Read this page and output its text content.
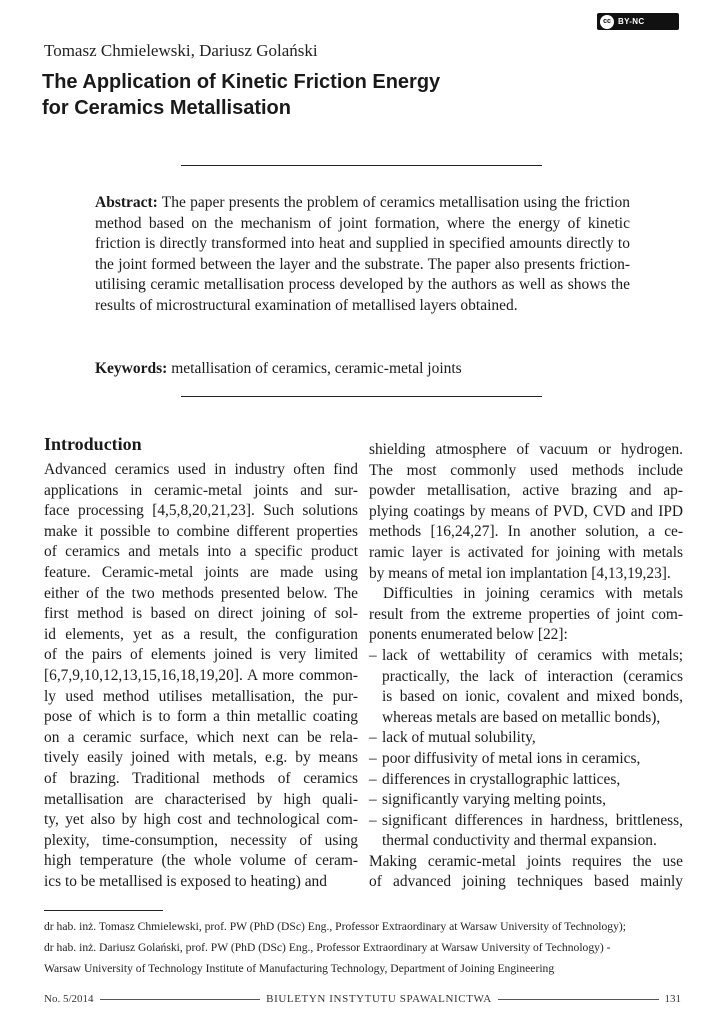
cc BY-NC
Tomasz Chmielewski, Dariusz Golański
The Application of Kinetic Friction Energy
for Ceramics Metallisation

Abstract: The paper presents the problem of ceramics metallisation using the friction method based on the mechanism of joint formation, where the energy of kinetic friction is directly transformed into heat and supplied in specified amounts directly to the joint formed between the layer and the substrate. The paper also presents friction-utilising ceramic metallisation process developed by the authors as well as shows the results of microstructural examination of metallised layers obtained.

Keywords: metallisation of ceramics, ceramic-metal joints

Introduction
Advanced ceramics used in industry often find
applications in ceramic-metal joints and sur-
face processing [4,5,8,20,21,23]. Such solutions
make it possible to combine different properties
of ceramics and metals into a specific product
feature. Ceramic-metal joints are made using
either of the two methods presented below. The
first method is based on direct joining of sol-
id elements, yet as a result, the configuration
of the pairs of elements joined is very limited
[6,7,9,10,12,13,15,16,18,19,20]. A more common-
ly used method utilises metallisation, the pur-
pose of which is to form a thin metallic coating
on a ceramic surface, which next can be rela-
tively easily joined with metals, e.g. by means
of brazing. Traditional methods of ceramics
metallisation are characterised by high quali-
ty, yet also by high cost and technological com-
plexity, time-consumption, necessity of using
high temperature (the whole volume of ceram-
ics to be metallised is exposed to heating) and
shielding atmosphere of vacuum or hydrogen.
The most commonly used methods include
powder metallisation, active brazing and ap-
plying coatings by means of PVD, CVD and IPD
methods [16,24,27]. In another solution, a ce-
ramic layer is activated for joining with metals
by means of metal ion implantation [4,13,19,23].
Difficulties in joining ceramics with metals
result from the extreme properties of joint com-
ponents enumerated below [22]:
– lack of wettability of ceramics with metals;
practically, the lack of interaction (ceramics
is based on ionic, covalent and mixed bonds,
whereas metals are based on metallic bonds),
– lack of mutual solubility,
– poor diffusivity of metal ions in ceramics,
– differences in crystallographic lattices,
– significantly varying melting points,
– significant differences in hardness, brittleness,
thermal conductivity and thermal expansion.
Making ceramic-metal joints requires the use
of advanced joining techniques based mainly
dr hab. inż. Tomasz Chmielewski, prof. PW (PhD (DSc) Eng., Professor Extraordinary at Warsaw University of Technology);
dr hab. inż. Dariusz Golański, prof. PW (PhD (DSc) Eng., Professor Extraordinary at Warsaw University of Technology) -
Warsaw University of Technology Institute of Manufacturing Technology, Department of Joining Engineering
No. 5/2014	BIULETYN INSTYTUTU SPAWALNICTWA	131
